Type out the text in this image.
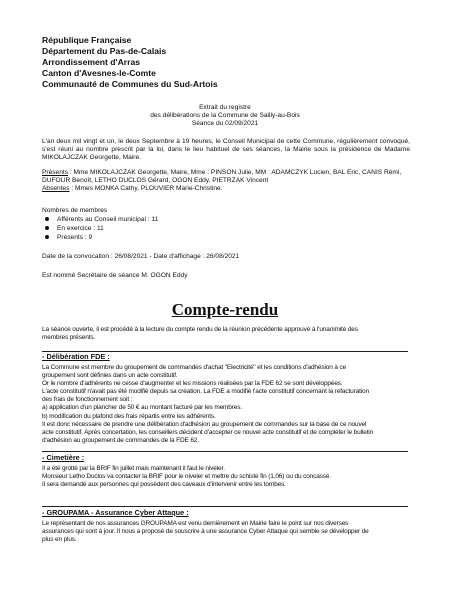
République Française
Département du Pas-de-Calais
Arrondissement d'Arras
Canton d'Avesnes-le-Comte
Communauté de Communes du Sud-Artois
Extrait du registre
des délibérations de la Commune de Sailly-au-Bois
Séance du 02/09/2021
L'an deux mil vingt et un, le deux Septembre à 19 heures, le Conseil Municipal de cette Commune, régulièrement convoqué, s'est réuni au nombre prescrit par la loi, dans le lieu habituel de ses séances, la Mairie sous la présidence de Madame MIKOLAJCZAK Georgette, Maire.
Présents : Mme MIKOLAJCZAK Georgette, Maire, Mme : PINSON Julie, MM : ADAMCZYK Lucien, BAL Eric, CANIS Rémi, DUFOUR Benoît, LETHO DUCLOS Gérard, OGON Eddy, PIETRZAK Vincent
Absentes : Mmes MONKA Cathy, PLOUVIER Marie-Christine.
Nombres de membres
Afférents au Conseil municipal : 11
En exercice : 11
Présents : 9
Date de la convocation : 26/08/2021 - Date d'affichage : 26/08/2021
Est nommé Secrétaire de séance M. OGON Eddy
Compte-rendu
La séance ouverte, il est procédé à la lecture du compte rendu de la réunion précédente approuvé à l'unanimité des
membres présents.
- Délibération FDE :
La Commune est membre du groupement de commandes d'achat "Electricité" et les conditions d'adhésion à ce
groupement sont définies dans un acte constitutif.
Or le nombre d'adhérents ne cesse d'augmenter et les missions réalisées par la FDE 62 se sont développées.
L'acte constitutif n'avait pas été modifié depuis sa création. La FDE a modifié l'acte constitutif concernant la refacturation
des frais de fonctionnement soit :
a) application d'un plancher de 50 € au montant facturé par les membres.
b) modification du plafond des frais répartis entre les adhérents.
Il est donc nécessaire de prendre une délibération d'adhésion au groupement de commandes sur la base de ce nouvel
acte constitutif. Après concertation, les conseillers décident d'accepter ce nouvel acte constitutif et de compléter le bulletin
d'adhésion au groupement de commandes de la FDE 62.
- Cimetière :
Il a été grotté par la BRIF fin juillet mais maintenant il faut le niveler.
Monsieur Letho Duclos va contacter la BRIF pour le niveler et mettre du schiste fin (1,06) ou du concassé.
Il sera demandé aux personnes qui possèdent des caveaux d'intervenir entre les tombes.
- GROUPAMA - Assurance Cyber Attaque :
Le représentant de nos assurances GROUPAMA est venu dernièrement en Mairie faire le point sur nos diverses
assurances qui sont à jour. Il nous a proposé de souscrire à une assurance Cyber Attaque qui semble se développer de
plus en plus.
